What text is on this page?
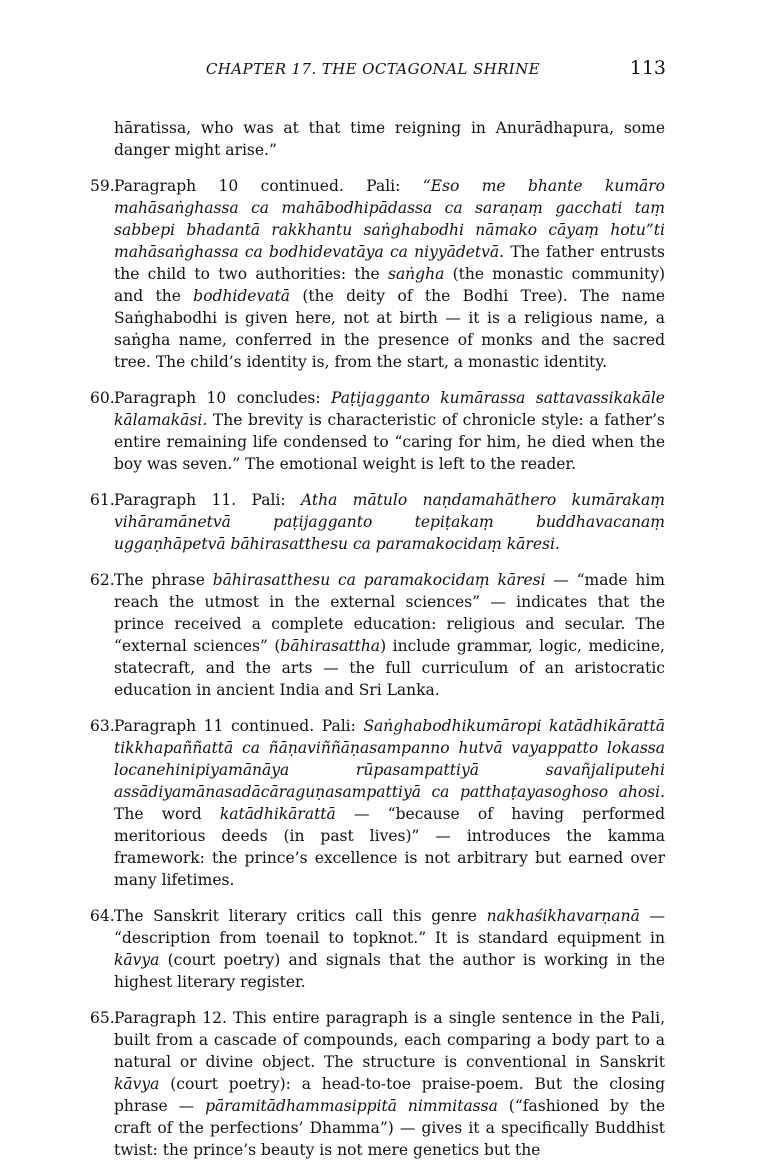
CHAPTER 17. THE OCTAGONAL SHRINE	113

hāratissa, who was at that time reigning in Anurādhapura, some danger might arise.”

59. Paragraph 10 continued. Pali: “Eso me bhante kumāro mahāsaṅghassa ca mahābodhipādassa ca saraṇaṃ gacchati taṃ sabbepi bhadantā rakkhantu saṅghabodhi nāmako cāyaṃ hotu”ti mahāsaṅghassa ca bodhidevatāya ca niyyādetvā. The father entrusts the child to two authorities: the saṅgha (the monastic community) and the bodhidevatā (the deity of the Bodhi Tree). The name Saṅghabodhi is given here, not at birth — it is a religious name, a saṅgha name, conferred in the presence of monks and the sacred tree. The child’s identity is, from the start, a monastic identity.
60. Paragraph 10 concludes: Paṭijagganto kumārassa sattavassikakāle kālamakāsi. The brevity is characteristic of chronicle style: a father’s entire remaining life condensed to “caring for him, he died when the boy was seven.” The emotional weight is left to the reader.
61. Paragraph 11. Pali: Atha mātulo naṇdamahāthero kumārakaṃ vihāramānetvā paṭijagganto tepiṭakaṃ buddhavacanaṃ uggaṇhāpetvā bāhirasatthesu ca paramakocidaṃ kāresi.
62. The phrase bāhirasatthesu ca paramakocidaṃ kāresi — “made him reach the utmost in the external sciences” — indicates that the prince received a complete education: religious and secular. The “external sciences” (bāhirasattha) include grammar, logic, medicine, statecraft, and the arts — the full curriculum of an aristocratic education in ancient India and Sri Lanka.
63. Paragraph 11 continued. Pali: Saṅghabodhikumāropi katādhikārattā tikkhapaññattā ca ñāṇaviññāṇasampanno hutvā vayappatto lokassa locanehinipiyamānāya rūpasampattiyā savañjaliputehi assādiyamānasadācāraguṇasampattiyā ca patthaṭayasoghoso ahosi. The word katādhikārattā — “because of having performed meritorious deeds (in past lives)” — introduces the kamma framework: the prince’s excellence is not arbitrary but earned over many lifetimes.
64. The Sanskrit literary critics call this genre nakhaśikhavarṇanā — “description from toenail to topknot.” It is standard equipment in kāvya (court poetry) and signals that the author is working in the highest literary register.
65. Paragraph 12. This entire paragraph is a single sentence in the Pali, built from a cascade of compounds, each comparing a body part to a natural or divine object. The structure is conventional in Sanskrit kāvya (court poetry): a head-to-toe praise-poem. But the closing phrase — pāramitādhammasippitā nimmitassa (“fashioned by the craft of the perfections’ Dhamma”) — gives it a specifically Buddhist twist: the prince’s beauty is not mere genetics but the
